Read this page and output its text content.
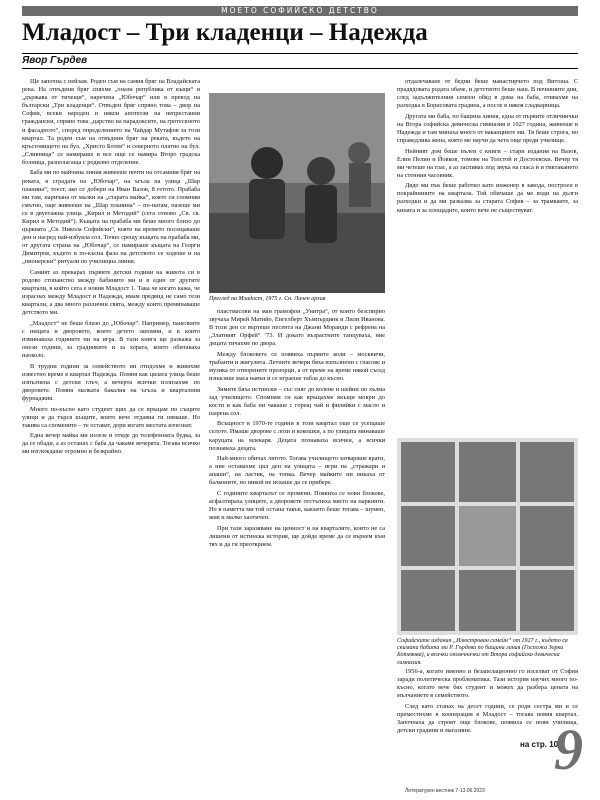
МОЕТО СОФИЙСКО ДЕТСТВО
Младост – Три кладенци – Надежда
Явор Гърдев

Ще започна с пейзаж. Роден съм на самия бряг на Владайската река. На отвъдния бряг спяхме „онази република от къщи“ и „държава от тичещи“, наречена „Юбочар“ или в превод на български „Три кладенци“. Отвъден бряг спряно това – двор на София, всеки народен и някои апотеози на непрестанни граждански, спряно това „царство на парадоксите, на гротескното и фасадното“, според определението на Чайдар Мутафов за този квартал. Та роден съм на отвъдния бряг на реката, където на кръстовището на бул. „Христо Ботев“ и северното платно на бул. „Сливница“ се намираше и все още се намира Второ градска болница, разполагаща с родилно отделение.

Баба ми по майчина линия живееше почти на отсамния бряг на реката, в сградата на „Юбочар“, на ъгъла на улица „Шар планина“, тоест, ако се добери на Иван Вазов, 8 гетото. Прабаба ми там, наричана от малки на „старата майка“, която си спомням смътно, още живееше на „Шар планина“ – по-натам, пазеше ми се в двуетажна улица „Кирил и Методий“ (сега отново „Св. св. Кирил и Методий“). Къщата на прабаба ми беше много близо до църквата „Св. Никола Софийски“, която на времето посещаваше ден и насред най-избуяла сол. Точно срещу къщата на прабаба ми, от другата страна на „Юбочар“, се намираше къщата на Георги Димитров, където в по-късна фаза на детството се ходеше и на „пионерски“ ритуали по училищна линия.

Самият аз прекарах първите детски години на живота си в родово стопанство между бабините ми и в един от другите квартали, в който сега е новия Младост 1. Така че когато кажа, че израснах между Младост и Надежда, имам предвид не само тези квартали, а два много различни свята, между които преминаваше детството ми.

„Младост“ не беше близо до „Юбочар“. Например, панелките с нещата и дворовете, които детето запомни, и в които изминаваха годините ни на игра. В тази книга ще разкажа за онези години, за градинките и за хората, които обитаваха наоколо.

В трудни години за семейството ни отидохме и живяхме известно време в квартал Надежда. Помня как цялата улица беше изпълнена с детски глъч, а вечерта всички излизахме по дворовете. Помня малката бакалия на ъгъла и кварталния фурнаджия.

Много по-късно като студент щях да се връщам по същите улици и да търся къщите, които вече отдавна ги нямаше. Но такива са спомените – те остават, дори когато местата изчезнат.

Една вечер майка ми излезе и отиде до телефонната будка, за да се обади, а аз останах с баба да чакаме вечерята. Тогава всичко ми изглеждаше огромно и безкрайно.

Преглед на Младост, 1975 г. Сн. Личен архив

пластмасови на ман грамофон „Унитра“, от които безспирно звучаха Мирей Матийо, Енгелберт Хъмпърдинк и Лили Иванова. В този ден се въртеше песента на Джани Моранди с рефрена на ,,Златният Орфей“ ’73. И докато възрастните танцуваха, ние децата тичахме по двора.

Между блоковете се появиха първите коли – москвичи, трабанти и жигулита. Летните вечери бяха изпълнени с гласове и музика от отворените прозорци, а от време на време някой съсед изнасяше маса навън и се играеше табла до късно.

Зимите бяха истински – със сняг до колене и шейни по хълма зад училището. Спомням си как връщахме вкъщи мокри до кости и как баба ни чакаше с горещ чай и филийки с масло и шарена сол.

Всъщност в 1970-те години в този квартал още се усещаше селото. Имаше дворове с лози и кокошки, а по улицата минаваше каруцата на млекаря. Децата познаваха всички, а всички познаваха децата.

Най-много обичах лятото. Тогава училището затваряше врати, а ние оставахме цял ден на улицата – игри на „стражари и апаши“, на ластик, на топка. Вечер майките ни викаха от балконите, но никой не искаше да се прибере.

С годините кварталът се промени. Появиха се нови блокове, асфалтираха улиците, а дворовете отстъпиха място на паркинги. Но в паметта ми той остана такъв, какъвто беше тогава – шумен, жив и малко хаотичен.

При тази заразяване на ценност и на кварталите, които не са лишени от истинска история, ще дойде време да се върнем към тях и да ги преоткрием.

отдалечаване от бедни беше манастирчето под Витоша. С прадядовата родата обаче, и детството беше наш. В почивните дни, след задължителния семеен обяд в дома на баба, отивахме на разходка в Борисовата градина, а после в някоя сладкарница.

Другата ми баба, по бащина линия, една от първите отличнички на Втора софийска девическа гимназия в 1927 година, живееше в Надежда и там минаха много от ваканциите ми. Тя беше строга, но справедлива жена, която ме научи да чета още преди училище.

Нейният дом беше пълен с книги – стари издания на Вазов, Елин Пелин и Йовков, томове на Толстой и Достоевски. Вечер тя ми четеше на глас, а аз заспивах под звука на гласа ѝ и тиктакането на стенния часовник.

Дядо ми пък беше работил като инженер в завода, построен в покрайнините на квартала. Той обичаше да ме води на дълги разходки и да ми разказва за старата София – за трамваите, за кината и за площадите, които вече не съществуват.

Софийските издания „Илюстрован семейн“ от 1927 г., където са снимани бабата ми Р. Гърдева по бащина линия (Госпожа Зорка Ботевова), и всички отличнички от Втора софийска девическа гимназия.

1956-а, когато именно и безапелационно го изселват от София заради политическа проблематика. Тази история научих много по-късно, когато вече бях студент и можех да разбера цената на мълчанието в семейството.

След като станах на десет години, се роди сестра ми и се преместихме в кооперация в Младост – тогава новия квартал. Започнаха да строят още блокове, появиха се нови училища, детски градини и магазини.

на стр. 10
9
Литературен вестник 7-13.06.2023
